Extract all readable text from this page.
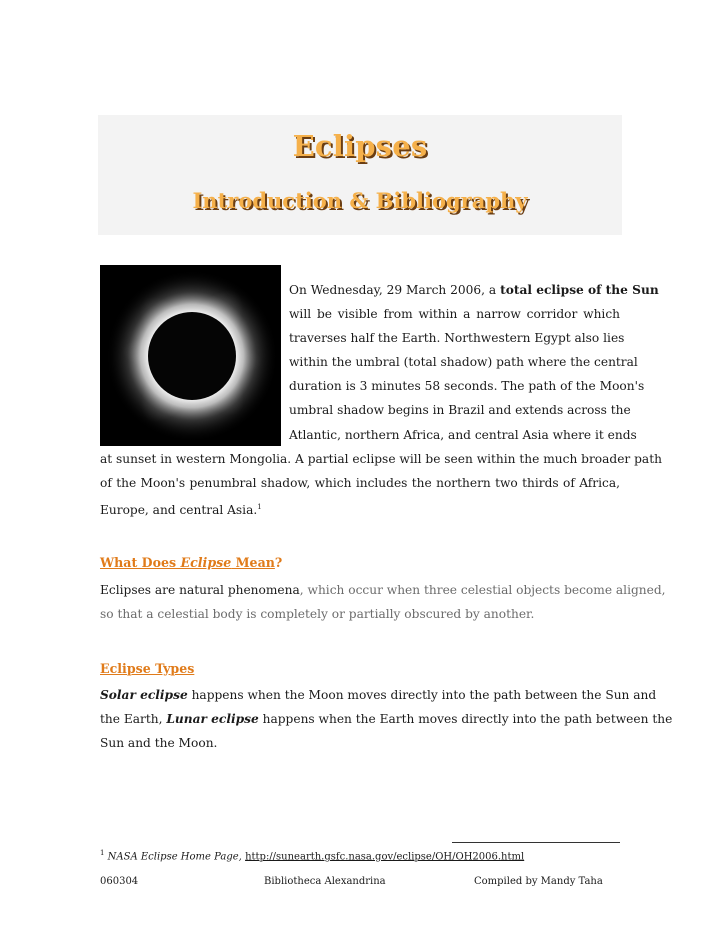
Eclipses
Introduction & Bibliography
On Wednesday, 29 March 2006, a total eclipse of the Sun
will be visible from within a narrow corridor which
traverses half the Earth. Northwestern Egypt also lies
within the umbral (total shadow) path where the central
duration is 3 minutes 58 seconds. The path of the Moon's
umbral shadow begins in Brazil and extends across the
Atlantic, northern Africa, and central Asia where it ends
at sunset in western Mongolia. A partial eclipse will be seen within the much broader path
of the Moon's penumbral shadow, which includes the northern two thirds of Africa,
Europe, and central Asia.$^1$
What Does Eclipse Mean?
Eclipses are natural phenomena, which occur when three celestial objects become aligned,
so that a celestial body is completely or partially obscured by another.
Eclipse Types
Solar eclipse happens when the Moon moves directly into the path between the Sun and
the Earth, Lunar eclipse happens when the Earth moves directly into the path between the
Sun and the Moon.
$^1$ NASA Eclipse Home Page, http://sunearth.gsfc.nasa.gov/eclipse/OH/OH2006.html
060304	Bibliotheca Alexandrina	Compiled by Mandy Taha
